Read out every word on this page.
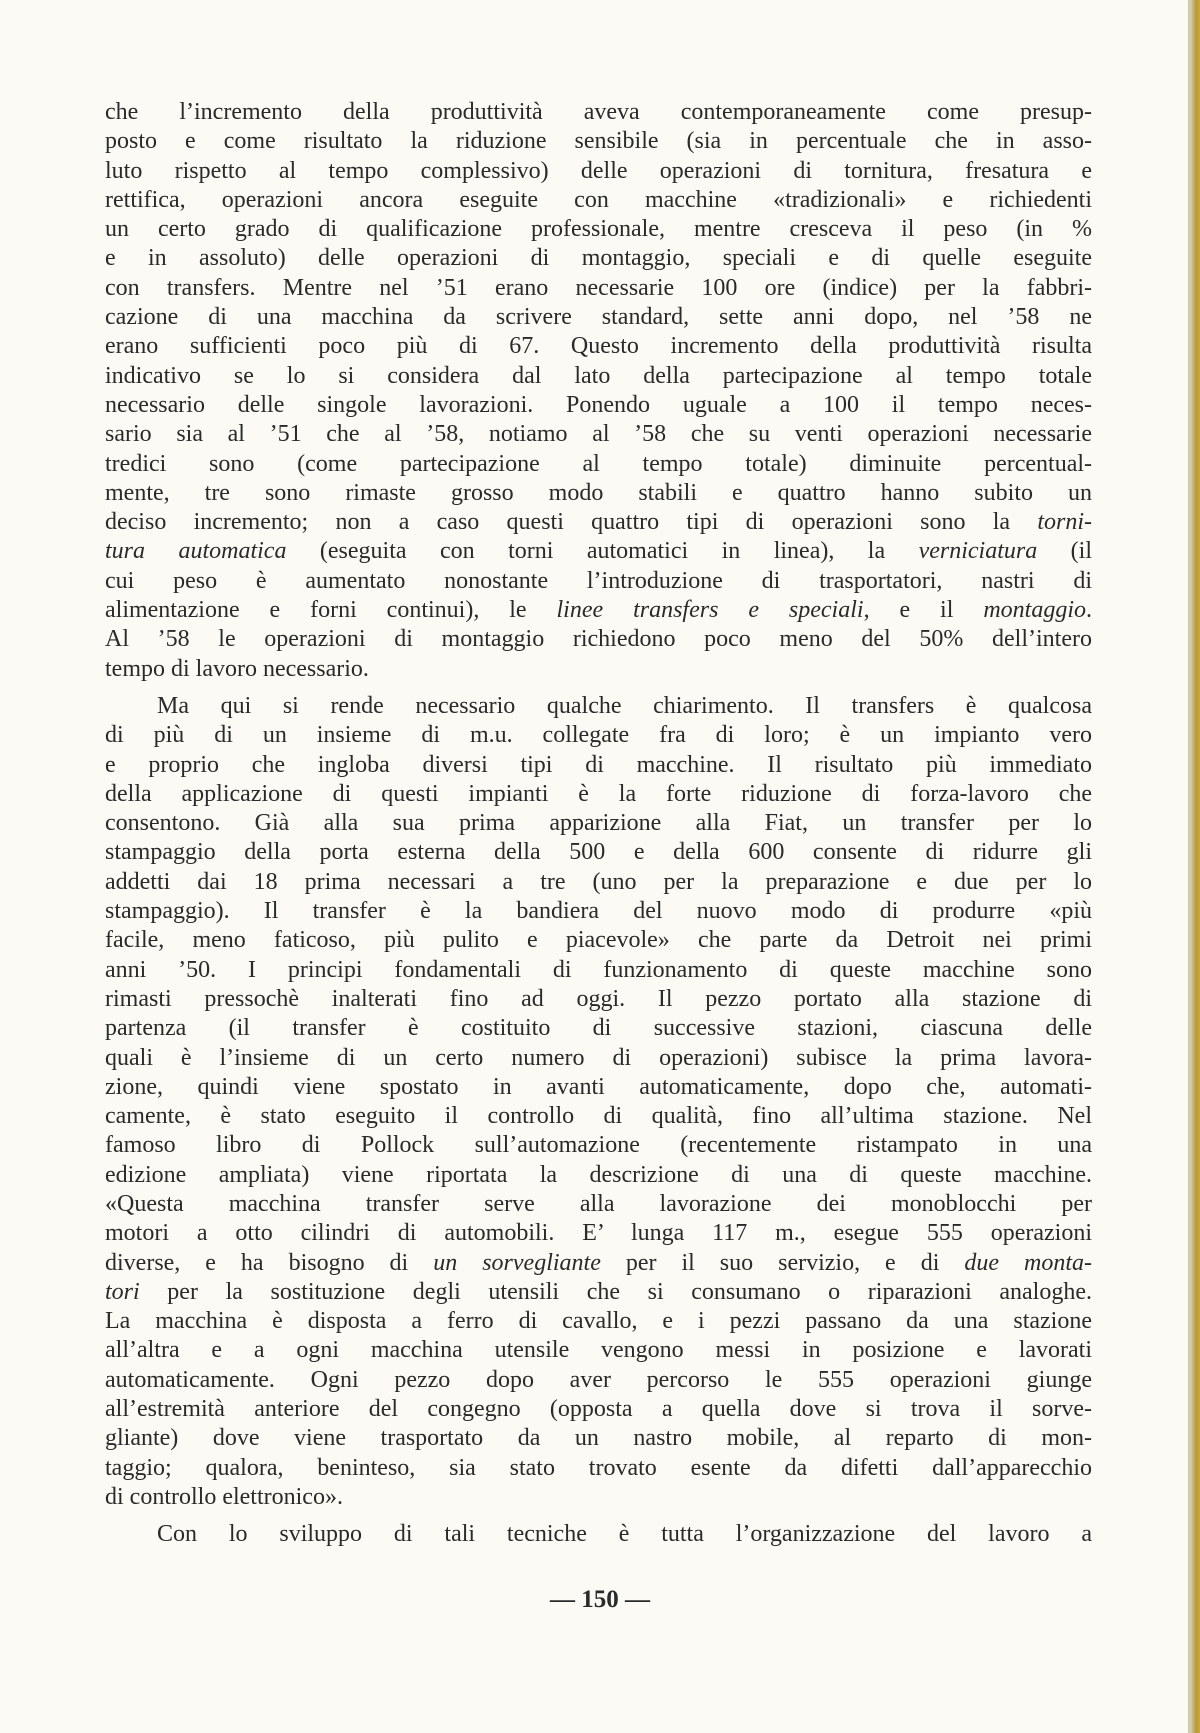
che l’incremento della produttività aveva contemporaneamente come presup-
posto e come risultato la riduzione sensibile (sia in percentuale che in asso-
luto rispetto al tempo complessivo) delle operazioni di tornitura, fresatura e
rettifica, operazioni ancora eseguite con macchine «tradizionali» e richiedenti
un certo grado di qualificazione professionale, mentre cresceva il peso (in %
e in assoluto) delle operazioni di montaggio, speciali e di quelle eseguite
con transfers. Mentre nel ’51 erano necessarie 100 ore (indice) per la fabbri-
cazione di una macchina da scrivere standard, sette anni dopo, nel ’58 ne
erano sufficienti poco più di 67. Questo incremento della produttività risulta
indicativo se lo si considera dal lato della partecipazione al tempo totale
necessario delle singole lavorazioni. Ponendo uguale a 100 il tempo neces-
sario sia al ’51 che al ’58, notiamo al ’58 che su venti operazioni necessarie
tredici sono (come partecipazione al tempo totale) diminuite percentual-
mente, tre sono rimaste grosso modo stabili e quattro hanno subito un
deciso incremento; non a caso questi quattro tipi di operazioni sono la torni-
tura automatica (eseguita con torni automatici in linea), la verniciatura (il
cui peso è aumentato nonostante l’introduzione di trasportatori, nastri di
alimentazione e forni continui), le linee transfers e speciali, e il montaggio.
Al ’58 le operazioni di montaggio richiedono poco meno del 50% dell’intero
tempo di lavoro necessario.
Ma qui si rende necessario qualche chiarimento. Il transfers è qualcosa
di più di un insieme di m.u. collegate fra di loro; è un impianto vero
e proprio che ingloba diversi tipi di macchine. Il risultato più immediato
della applicazione di questi impianti è la forte riduzione di forza-lavoro che
consentono. Già alla sua prima apparizione alla Fiat, un transfer per lo
stampaggio della porta esterna della 500 e della 600 consente di ridurre gli
addetti dai 18 prima necessari a tre (uno per la preparazione e due per lo
stampaggio). Il transfer è la bandiera del nuovo modo di produrre «più
facile, meno faticoso, più pulito e piacevole» che parte da Detroit nei primi
anni ’50. I principi fondamentali di funzionamento di queste macchine sono
rimasti pressochè inalterati fino ad oggi. Il pezzo portato alla stazione di
partenza (il transfer è costituito di successive stazioni, ciascuna delle
quali è l’insieme di un certo numero di operazioni) subisce la prima lavora-
zione, quindi viene spostato in avanti automaticamente, dopo che, automati-
camente, è stato eseguito il controllo di qualità, fino all’ultima stazione. Nel
famoso libro di Pollock sull’automazione (recentemente ristampato in una
edizione ampliata) viene riportata la descrizione di una di queste macchine.
«Questa macchina transfer serve alla lavorazione dei monoblocchi per
motori a otto cilindri di automobili. E’ lunga 117 m., esegue 555 operazioni
diverse, e ha bisogno di un sorvegliante per il suo servizio, e di due monta-
tori per la sostituzione degli utensili che si consumano o riparazioni analoghe.
La macchina è disposta a ferro di cavallo, e i pezzi passano da una stazione
all’altra e a ogni macchina utensile vengono messi in posizione e lavorati
automaticamente. Ogni pezzo dopo aver percorso le 555 operazioni giunge
all’estremità anteriore del congegno (opposta a quella dove si trova il sorve-
gliante) dove viene trasportato da un nastro mobile, al reparto di mon-
taggio; qualora, beninteso, sia stato trovato esente da difetti dall’apparecchio
di controllo elettronico».
Con lo sviluppo di tali tecniche è tutta l’organizzazione del lavoro a
— 150 —
